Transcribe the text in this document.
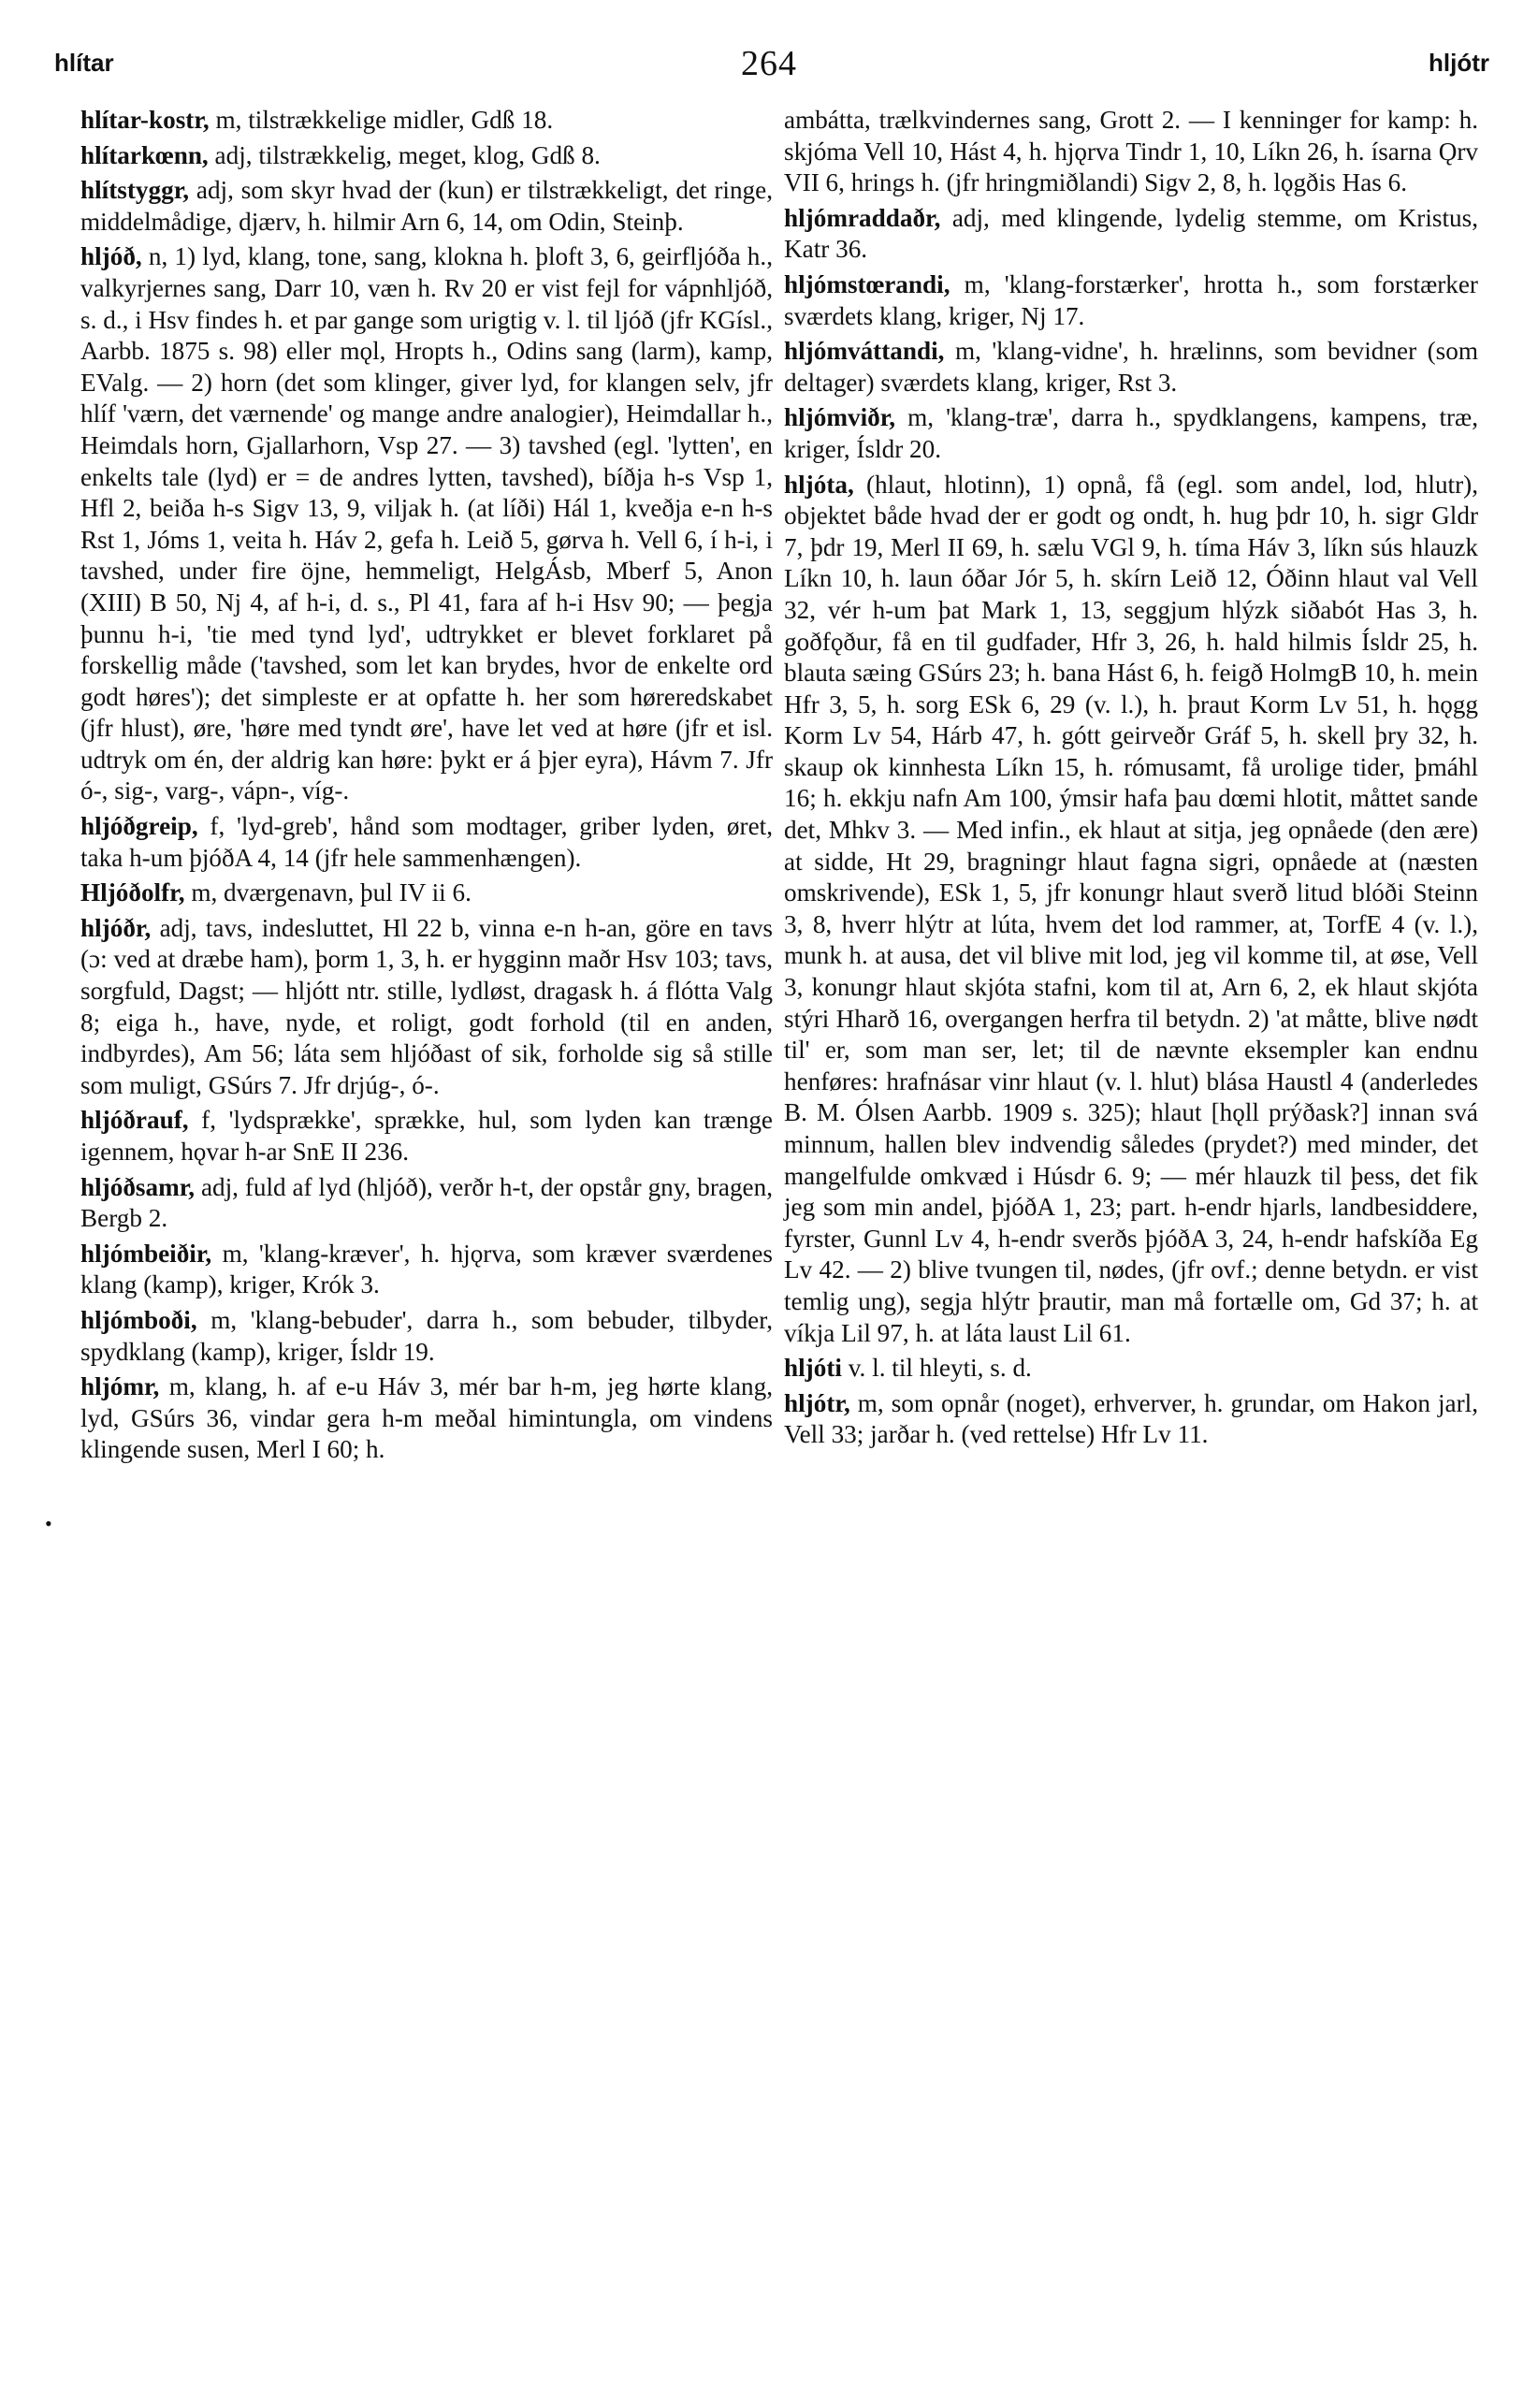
hlítar	264	hljótr
•

hlítar-kostr, m, tilstrækkelige midler, Gdß 18.

hlítarkœnn, adj, tilstrækkelig, meget, klog, Gdß 8.

hlítstyggr, adj, som skyr hvad der (kun) er tilstrækkeligt, det ringe, middelmådige, djærv, h. hilmir Arn 6, 14, om Odin, Steinþ.

hljóð, n, 1) lyd, klang, tone, sang, klokna h. þloft 3, 6, geirfljóða h., valkyrjernes sang, Darr 10, væn h. Rv 20 er vist fejl for vápnhljóð, s. d., i Hsv findes h. et par gange som urigtig v. l. til ljóð (jfr KGísl., Aarbb. 1875 s. 98) eller mǫl, Hropts h., Odins sang (larm), kamp, EValg. — 2) horn (det som klinger, giver lyd, for klangen selv, jfr hlíf 'værn, det værnende' og mange andre analogier), Heimdallar h., Heimdals horn, Gjallarhorn, Vsp 27. — 3) tavshed (egl. 'lytten', en enkelts tale (lyd) er = de andres lytten, tavshed), bíðja h-s Vsp 1, Hfl 2, beiða h-s Sigv 13, 9, viljak h. (at líði) Hál 1, kveðja e-n h-s Rst 1, Jóms 1, veita h. Háv 2, gefa h. Leið 5, gørva h. Vell 6, í h-i, i tavshed, under fire öjne, hemmeligt, HelgÁsb, Mberf 5, Anon (XIII) B 50, Nj 4, af h-i, d. s., Pl 41, fara af h-i Hsv 90; — þegja þunnu h-i, 'tie med tynd lyd', udtrykket er blevet forklaret på forskellig måde ('tavshed, som let kan brydes, hvor de enkelte ord godt høres'); det simpleste er at opfatte h. her som høreredskabet (jfr hlust), øre, 'høre med tyndt øre', have let ved at høre (jfr et isl. udtryk om én, der aldrig kan høre: þykt er á þjer eyra), Hávm 7. Jfr ó-, sig-, varg-, vápn-, víg-.

hljóðgreip, f, 'lyd-greb', hånd som modtager, griber lyden, øret, taka h-um þjóðA 4, 14 (jfr hele sammenhængen).

Hljóðolfr, m, dværgenavn, þul IV ii 6.

hljóðr, adj, tavs, indesluttet, Hl 22 b, vinna e-n h-an, göre en tavs (ɔ: ved at dræbe ham), þorm 1, 3, h. er hygginn maðr Hsv 103; tavs, sorgfuld, Dagst; — hljótt ntr. stille, lydløst, dragask h. á flótta Valg 8; eiga h., have, nyde, et roligt, godt forhold (til en anden, indbyrdes), Am 56; láta sem hljóðast of sik, forholde sig så stille som muligt, GSúrs 7. Jfr drjúg-, ó-.

hljóðrauf, f, 'lydsprække', sprække, hul, som lyden kan trænge igennem, hǫvar h-ar SnE II 236.

hljóðsamr, adj, fuld af lyd (hljóð), verðr h-t, der opstår gny, bragen, Bergb 2.

hljómbeiðir, m, 'klang-kræver', h. hjǫrva, som kræver sværdenes klang (kamp), kriger, Krók 3.

hljómboði, m, 'klang-bebuder', darra h., som bebuder, tilbyder, spydklang (kamp), kriger, Ísldr 19.

hljómr, m, klang, h. af e-u Háv 3, mér bar h-m, jeg hørte klang, lyd, GSúrs 36, vindar gera h-m meðal himintungla, om vindens klingende susen, Merl I 60; h.

ambátta, trælkvindernes sang, Grott 2. — I kenninger for kamp: h. skjóma Vell 10, Hást 4, h. hjǫrva Tindr 1, 10, Líkn 26, h. ísarna Ǫrv VII 6, hrings h. (jfr hringmiðlandi) Sigv 2, 8, h. lǫgðis Has 6.

hljómraddaðr, adj, med klingende, lydelig stemme, om Kristus, Katr 36.

hljómstœrandi, m, 'klang-forstærker', hrotta h., som forstærker sværdets klang, kriger, Nj 17.

hljómváttandi, m, 'klang-vidne', h. hrælinns, som bevidner (som deltager) sværdets klang, kriger, Rst 3.

hljómviðr, m, 'klang-træ', darra h., spydklangens, kampens, træ, kriger, Ísldr 20.

hljóta, (hlaut, hlotinn), 1) opnå, få (egl. som andel, lod, hlutr), objektet både hvad der er godt og ondt, h. hug þdr 10, h. sigr Gldr 7, þdr 19, Merl II 69, h. sælu VGl 9, h. tíma Háv 3, líkn sús hlauzk Líkn 10, h. laun óðar Jór 5, h. skírn Leið 12, Óðinn hlaut val Vell 32, vér h-um þat Mark 1, 13, seggjum hlýzk siðabót Has 3, h. goðfǫður, få en til gudfader, Hfr 3, 26, h. hald hilmis Ísldr 25, h. blauta sæing GSúrs 23; h. bana Hást 6, h. feigð HolmgB 10, h. mein Hfr 3, 5, h. sorg ESk 6, 29 (v. l.), h. þraut Korm Lv 51, h. hǫgg Korm Lv 54, Hárb 47, h. gótt geirveðr Gráf 5, h. skell þry 32, h. skaup ok kinnhesta Líkn 15, h. rómusamt, få urolige tider, þmáhl 16; h. ekkju nafn Am 100, ýmsir hafa þau dœmi hlotit, måttet sande det, Mhkv 3. — Med infin., ek hlaut at sitja, jeg opnåede (den ære) at sidde, Ht 29, bragningr hlaut fagna sigri, opnåede at (næsten omskrivende), ESk 1, 5, jfr konungr hlaut sverð litud blóði Steinn 3, 8, hverr hlýtr at lúta, hvem det lod rammer, at, TorfE 4 (v. l.), munk h. at ausa, det vil blive mit lod, jeg vil komme til, at øse, Vell 3, konungr hlaut skjóta stafni, kom til at, Arn 6, 2, ek hlaut skjóta stýri Hharð 16, overgangen herfra til betydn. 2) 'at måtte, blive nødt til' er, som man ser, let; til de nævnte eksempler kan endnu henføres: hrafnásar vinr hlaut (v. l. hlut) blása Haustl 4 (anderledes B. M. Ólsen Aarbb. 1909 s. 325); hlaut [hǫll prýðask?] innan svá minnum, hallen blev indvendig således (prydet?) med minder, det mangelfulde omkvæd i Húsdr 6. 9; — mér hlauzk til þess, det fik jeg som min andel, þjóðA 1, 23; part. h-endr hjarls, landbesiddere, fyrster, Gunnl Lv 4, h-endr sverðs þjóðA 3, 24, h-endr hafskíða Eg Lv 42. — 2) blive tvungen til, nødes, (jfr ovf.; denne betydn. er vist temlig ung), segja hlýtr þrautir, man må fortælle om, Gd 37; h. at víkja Lil 97, h. at láta laust Lil 61.

hljóti v. l. til hleyti, s. d.

hljótr, m, som opnår (noget), erhverver, h. grundar, om Hakon jarl, Vell 33; jarðar h. (ved rettelse) Hfr Lv 11.
